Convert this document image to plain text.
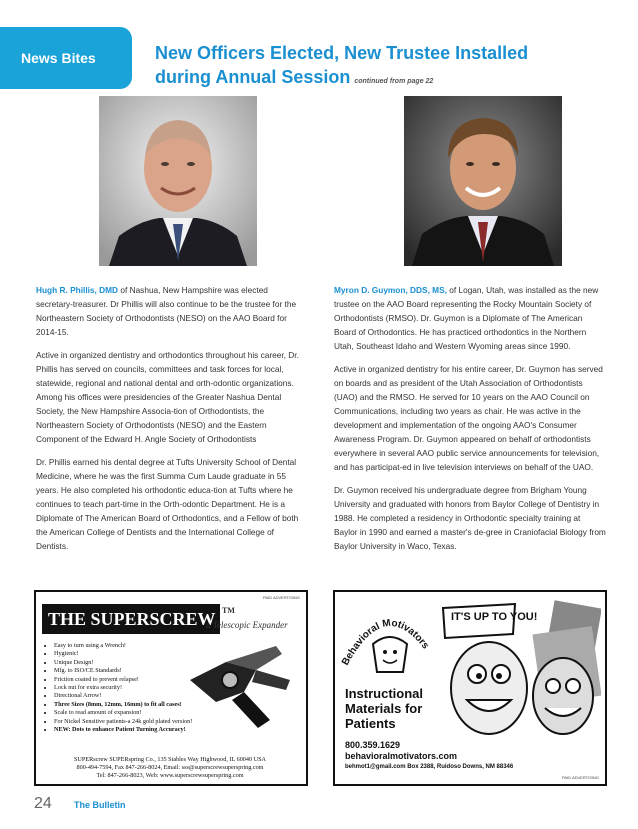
News Bites	New Officers Elected, New Trustee Installed
during Annual Session continued from page 22

Hugh R. Phillis, DMD of Nashua, New Hampshire was elected secretary-treasurer. Dr Phillis will also continue to be the trustee for the Northeastern Society of Orthodontists (NESO) on the AAO Board for 2014-15.

Active in organized dentistry and orthodontics throughout his career, Dr. Phillis has served on councils, committees and task forces for local, statewide, regional and national dental and orth-odontic organizations. Among his offices were presidencies of the Greater Nashua Dental Society, the New Hampshire Associa-tion of Orthodontists, the Northeastern Society of Orthodontists (NESO) and the Eastern Component of the Edward H. Angle Society of Orthodontists

Dr. Phillis earned his dental degree at Tufts University School of Dental Medicine, where he was the first Summa Cum Laude graduate in 55 years. He also completed his orthodontic educa-tion at Tufts where he continues to teach part-time in the Orth-odontic Department. He is a Diplomate of The American Board of Orthodontics, and a Fellow of both the American College of Dentists and the International College of Dentists.

Myron D. Guymon, DDS, MS, of Logan, Utah, was installed as the new trustee on the AAO Board representing the Rocky Mountain Society of Orthodontists (RMSO). Dr. Guymon is a Diplomate of The American Board of Orthodontics. He has practiced orthodontics in the Northern Utah, Southeast Idaho and Western Wyoming areas since 1990.

Active in organized dentistry for his entire career, Dr. Guymon has served on boards and as president of the Utah Association of Orthodontists (UAO) and the RMSO. He served for 10 years on the AAO Council on Communications, including two years as chair. He was active in the development and implementation of the ongoing AAO's Consumer Awareness Program. Dr. Guymon appeared on behalf of orthodontists everywhere in several AAO public service announcements for television, and has participat-ed in live television interviews on behalf of the UAO.

Dr. Guymon received his undergraduate degree from Brigham Young University and graduated with honors from Baylor College of Dentistry in 1988. He completed a residency in Orthodontic specialty training at Baylor in 1990 and earned a master's de-gree in Craniofacial Biology from Baylor University in Waco, Texas.

PAID ADVERTISING
THE SUPERSCREW TM
a Telescopic Expander
• Easy to turn using a Wrench!
• Hygienic!
• Unique Design!
• Mfg. to ISO/CE Standards!
• Friction coated to prevent relapse!
• Lock nut for extra security!
• Directional Arrow!
• Three Sizes (8mm, 12mm, 16mm) to fit all cases!
• Scale to read amount of expansion!
• For Nickel Sensitive patients-a 24k gold plated version!
• NEW: Dots to enhance Patient Turning Accuracy!
SUPERscrew SUPERspring Co., 135 Stables Way Highwood, IL 60040 USA
800-494-7594, Fax 847-266-8024, Email: sss@superscrewsuperspring.com
Tel: 847-266-8023, Web: www.superscrewsuperspring.com
Behavioral Motivators
IT'S UP TO YOU!
Instructional
Materials for
Patients
800.359.1629
behavioralmotivators.com
behmot1@gmail.com Box 2388, Ruidoso Downs, NM 88346
PAID ADVERTISING
24 The Bulletin
